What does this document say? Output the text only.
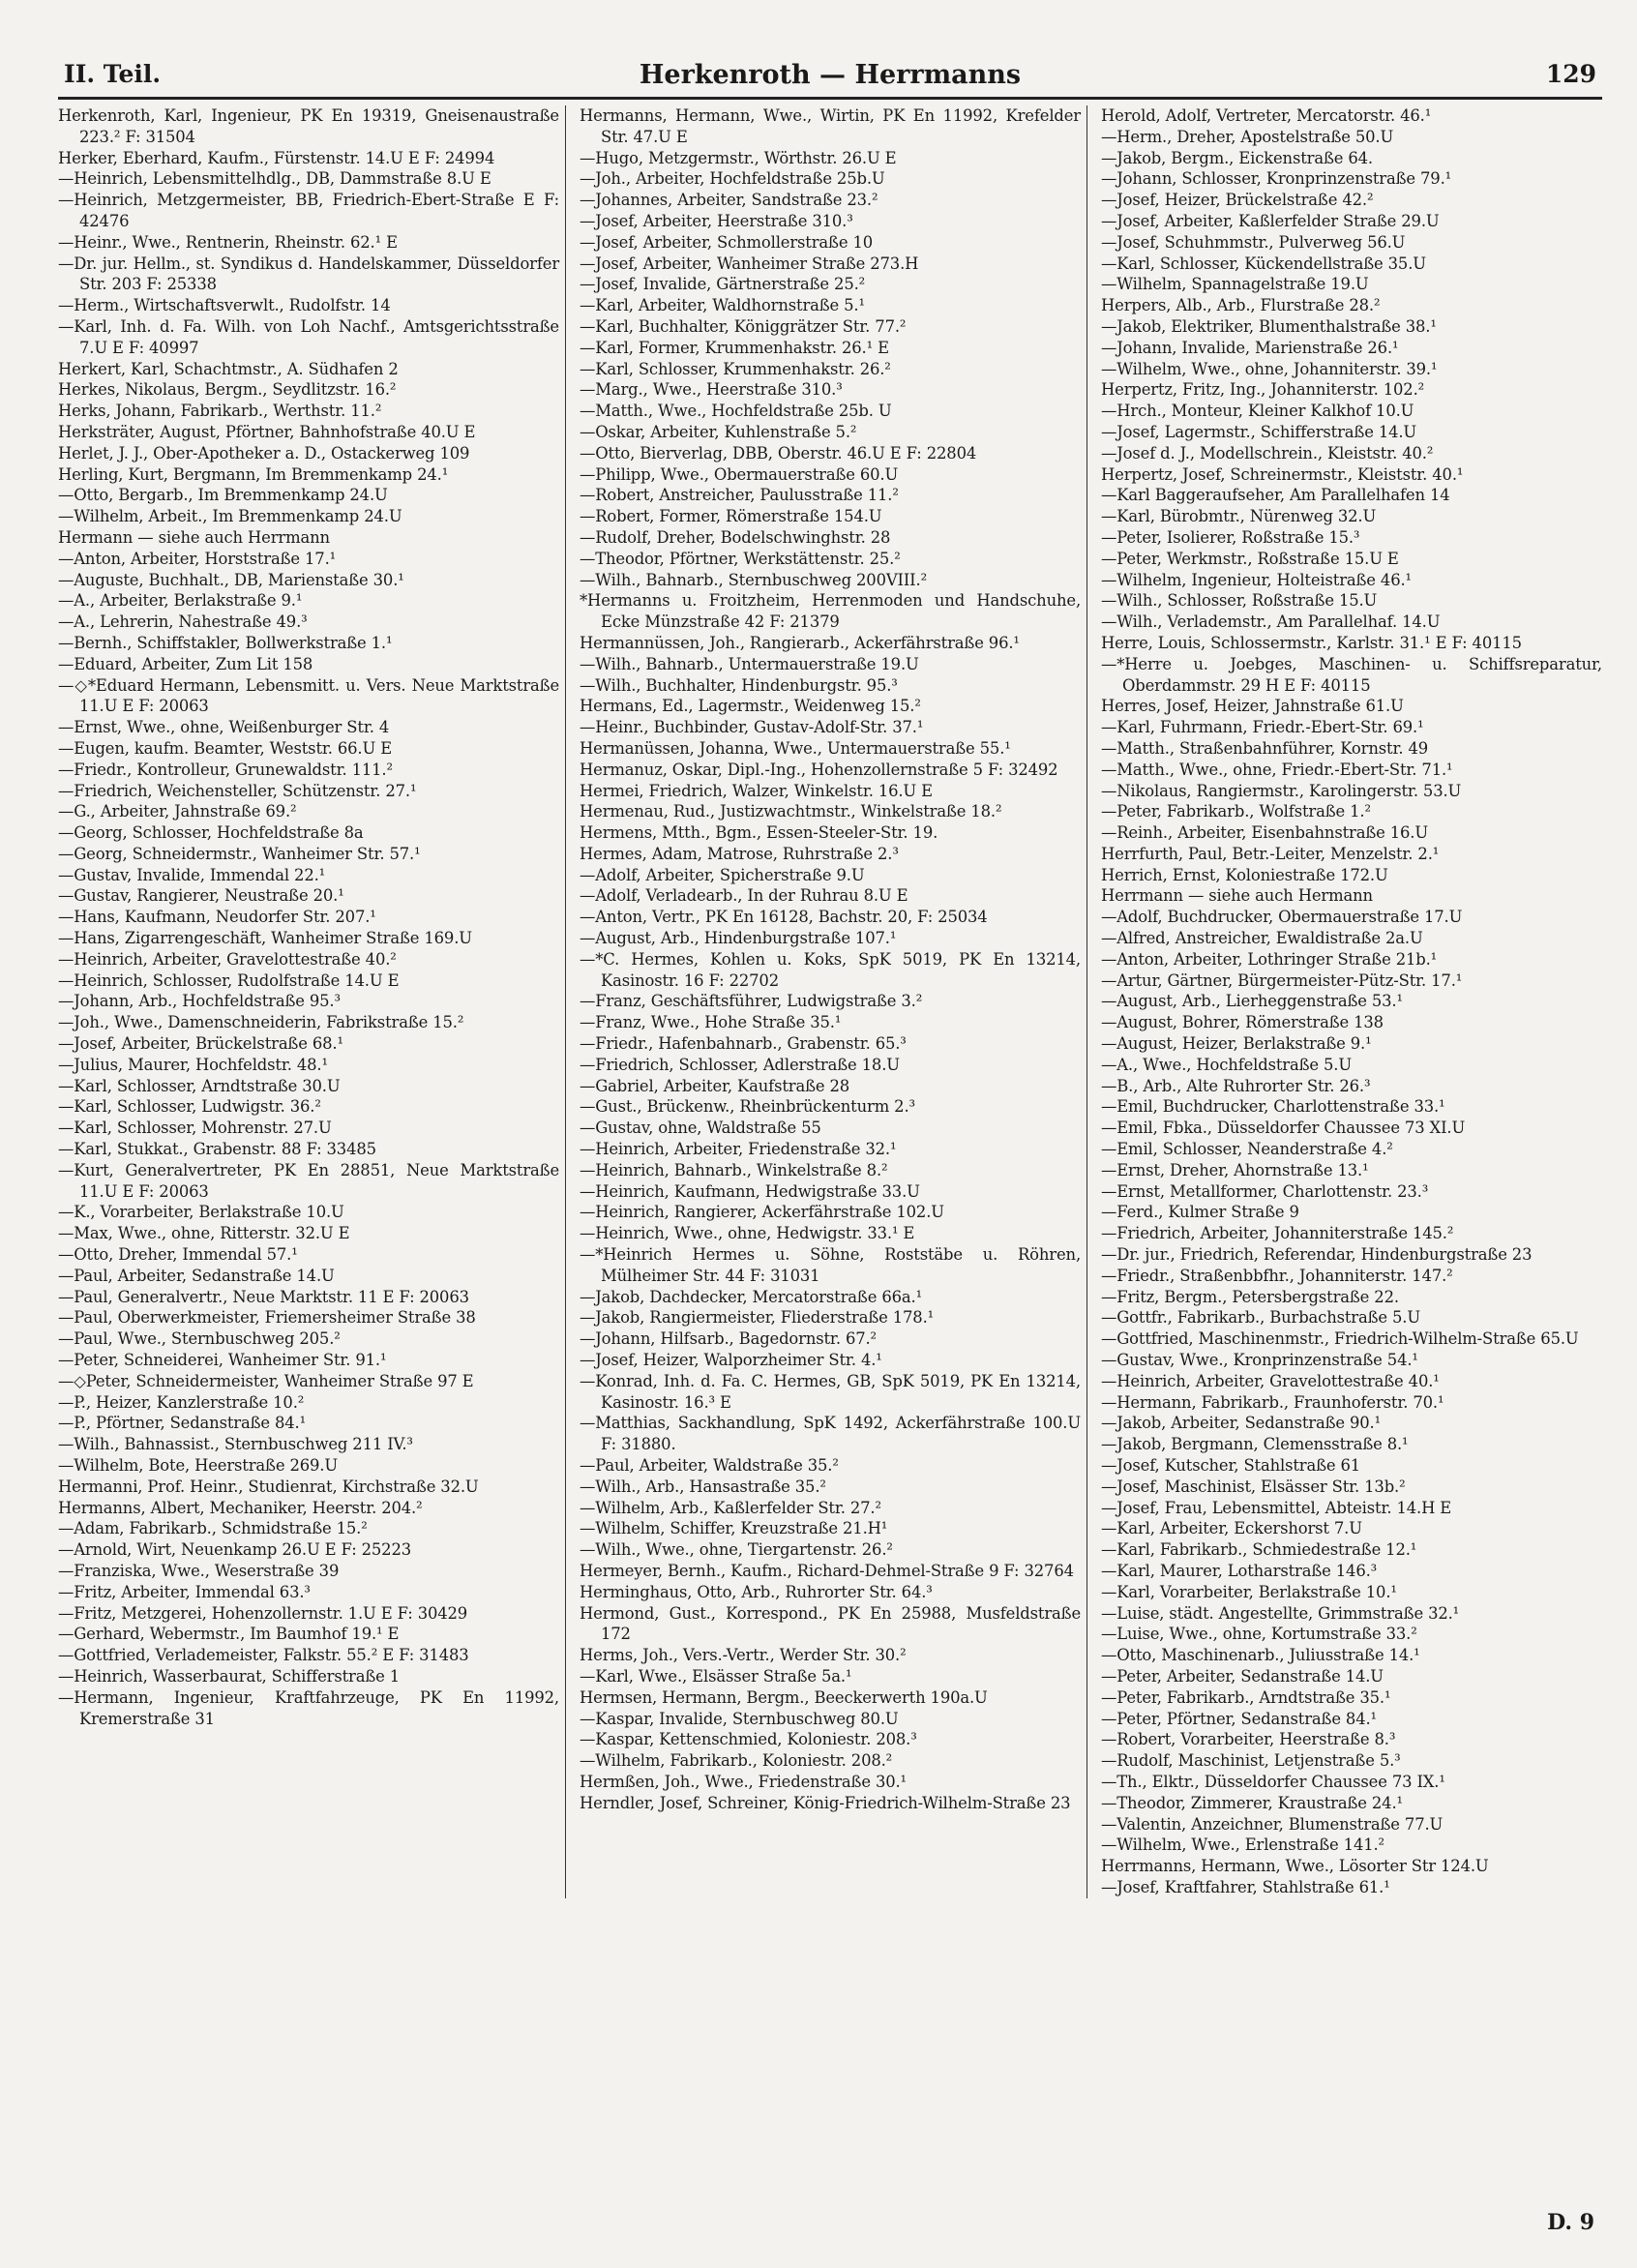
II. Teil.	Herkenroth — Herrmanns	129
Herkenroth, Karl, Ingenieur, PK En 19319, Gneisenaustraße 223.² F: 31504
Herker, Eberhard, Kaufm., Fürstenstr. 14.U E F: 24994
—Heinrich, Lebensmittelhdlg., DB, Dammstraße 8.U E
—Heinrich, Metzgermeister, BB, Friedrich-Ebert-Straße E F: 42476
—Heinr., Wwe., Rentnerin, Rheinstr. 62.¹ E
—Dr. jur. Hellm., st. Syndikus d. Handelskammer, Düsseldorfer Str. 203 F: 25338
—Herm., Wirtschaftsverwlt., Rudolfstr. 14
—Karl, Inh. d. Fa. Wilh. von Loh Nachf., Amtsgerichtsstraße 7.U E F: 40997
Herkert, Karl, Schachtmstr., A. Südhafen 2
Herkes, Nikolaus, Bergm., Seydlitzstr. 16.²
Herks, Johann, Fabrikarb., Werthstr. 11.²
Herksträter, August, Pförtner, Bahnhofstraße 40.U E
Herlet, J. J., Ober-Apotheker a. D., Ostackerweg 109
Herling, Kurt, Bergmann, Im Bremmenkamp 24.¹
—Otto, Bergarb., Im Bremmenkamp 24.U
—Wilhelm, Arbeit., Im Bremmenkamp 24.U
Hermann — siehe auch Herrmann
—Anton, Arbeiter, Horststraße 17.¹
—Auguste, Buchhalt., DB, Marienstaße 30.¹
—A., Arbeiter, Berlakstraße 9.¹
—A., Lehrerin, Nahestraße 49.³
—Bernh., Schiffstakler, Bollwerkstraße 1.¹
—Eduard, Arbeiter, Zum Lit 158
—◇*Eduard Hermann, Lebensmitt. u. Vers. Neue Marktstraße 11.U E F: 20063
—Ernst, Wwe., ohne, Weißenburger Str. 4
—Eugen, kaufm. Beamter, Weststr. 66.U E
—Friedr., Kontrolleur, Grunewaldstr. 111.²
—Friedrich, Weichensteller, Schützenstr. 27.¹
—G., Arbeiter, Jahnstraße 69.²
—Georg, Schlosser, Hochfeldstraße 8a
—Georg, Schneidermstr., Wanheimer Str. 57.¹
—Gustav, Invalide, Immendal 22.¹
—Gustav, Rangierer, Neustraße 20.¹
—Hans, Kaufmann, Neudorfer Str. 207.¹
—Hans, Zigarrengeschäft, Wanheimer Straße 169.U
—Heinrich, Arbeiter, Gravelottestraße 40.²
—Heinrich, Schlosser, Rudolfstraße 14.U E
—Johann, Arb., Hochfeldstraße 95.³
—Joh., Wwe., Damenschneiderin, Fabrikstraße 15.²
—Josef, Arbeiter, Brückelstraße 68.¹
—Julius, Maurer, Hochfeldstr. 48.¹
—Karl, Schlosser, Arndtstraße 30.U
—Karl, Schlosser, Ludwigstr. 36.²
—Karl, Schlosser, Mohrenstr. 27.U
—Karl, Stukkat., Grabenstr. 88 F: 33485
—Kurt, Generalvertreter, PK En 28851, Neue Marktstraße 11.U E F: 20063
—K., Vorarbeiter, Berlakstraße 10.U
—Max, Wwe., ohne, Ritterstr. 32.U E
—Otto, Dreher, Immendal 57.¹
—Paul, Arbeiter, Sedanstraße 14.U
—Paul, Generalvertr., Neue Marktstr. 11 E F: 20063
—Paul, Oberwerkmeister, Friemersheimer Straße 38
—Paul, Wwe., Sternbuschweg 205.²
—Peter, Schneiderei, Wanheimer Str. 91.¹
—◇Peter, Schneidermeister, Wanheimer Straße 97 E
—P., Heizer, Kanzlerstraße 10.²
—P., Pförtner, Sedanstraße 84.¹
—Wilh., Bahnassist., Sternbuschweg 211 IV.³
—Wilhelm, Bote, Heerstraße 269.U
Hermanni, Prof. Heinr., Studienrat, Kirchstraße 32.U
Hermanns, Albert, Mechaniker, Heerstr. 204.²
—Adam, Fabrikarb., Schmidstraße 15.²
—Arnold, Wirt, Neuenkamp 26.U E F: 25223
—Franziska, Wwe., Weserstraße 39
—Fritz, Arbeiter, Immendal 63.³
—Fritz, Metzgerei, Hohenzollernstr. 1.U E F: 30429
—Gerhard, Webermstr., Im Baumhof 19.¹ E
—Gottfried, Verlademeister, Falkstr. 55.² E F: 31483
—Heinrich, Wasserbaurat, Schifferstraße 1
—Hermann, Ingenieur, Kraftfahrzeuge, PK En 11992, Kremerstraße 31
Hermanns, Hermann, Wwe., Wirtin, PK En 11992, Krefelder Str. 47.U E
—Hugo, Metzgermstr., Wörthstr. 26.U E
—Joh., Arbeiter, Hochfeldstraße 25b.U
—Johannes, Arbeiter, Sandstraße 23.²
—Josef, Arbeiter, Heerstraße 310.³
—Josef, Arbeiter, Schmollerstraße 10
—Josef, Arbeiter, Wanheimer Straße 273.H
—Josef, Invalide, Gärtnerstraße 25.²
—Karl, Arbeiter, Waldhornstraße 5.¹
—Karl, Buchhalter, Königgrätzer Str. 77.²
—Karl, Former, Krummenhakstr. 26.¹ E
—Karl, Schlosser, Krummenhakstr. 26.²
—Marg., Wwe., Heerstraße 310.³
—Matth., Wwe., Hochfeldstraße 25b. U
—Oskar, Arbeiter, Kuhlenstraße 5.²
—Otto, Bierverlag, DBB, Oberstr. 46.U E F: 22804
—Philipp, Wwe., Obermauerstraße 60.U
—Robert, Anstreicher, Paulusstraße 11.²
—Robert, Former, Römerstraße 154.U
—Rudolf, Dreher, Bodelschwinghstr. 28
—Theodor, Pförtner, Werkstättenstr. 25.²
—Wilh., Bahnarb., Sternbuschweg 200VIII.²
*Hermanns u. Froitzheim, Herrenmoden und Handschuhe, Ecke Münzstraße 42 F: 21379
Hermannüssen, Joh., Rangierarb., Ackerfährstraße 96.¹
—Wilh., Bahnarb., Untermauerstraße 19.U
—Wilh., Buchhalter, Hindenburgstr. 95.³
Hermans, Ed., Lagermstr., Weidenweg 15.²
—Heinr., Buchbinder, Gustav-Adolf-Str. 37.¹
Hermanüssen, Johanna, Wwe., Untermauerstraße 55.¹
Hermanuz, Oskar, Dipl.-Ing., Hohenzollernstraße 5 F: 32492
Hermei, Friedrich, Walzer, Winkelstr. 16.U E
Hermenau, Rud., Justizwachtmstr., Winkelstraße 18.²
Hermens, Mtth., Bgm., Essen-Steeler-Str. 19.
Hermes, Adam, Matrose, Ruhrstraße 2.³
—Adolf, Arbeiter, Spicherstraße 9.U
—Adolf, Verladearb., In der Ruhrau 8.U E
—Anton, Vertr., PK En 16128, Bachstr. 20, F: 25034
—August, Arb., Hindenburgstraße 107.¹
—*C. Hermes, Kohlen u. Koks, SpK 5019, PK En 13214, Kasinostr. 16 F: 22702
—Franz, Geschäftsführer, Ludwigstraße 3.²
—Franz, Wwe., Hohe Straße 35.¹
—Friedr., Hafenbahnarb., Grabenstr. 65.³
—Friedrich, Schlosser, Adlerstraße 18.U
—Gabriel, Arbeiter, Kaufstraße 28
—Gust., Brückenw., Rheinbrückenturm 2.³
—Gustav, ohne, Waldstraße 55
—Heinrich, Arbeiter, Friedenstraße 32.¹
—Heinrich, Bahnarb., Winkelstraße 8.²
—Heinrich, Kaufmann, Hedwigstraße 33.U
—Heinrich, Rangierer, Ackerfährstraße 102.U
—Heinrich, Wwe., ohne, Hedwigstr. 33.¹ E
—*Heinrich Hermes u. Söhne, Roststäbe u. Röhren, Mülheimer Str. 44 F: 31031
—Jakob, Dachdecker, Mercatorstraße 66a.¹
—Jakob, Rangiermeister, Fliederstraße 178.¹
—Johann, Hilfsarb., Bagedornstr. 67.²
—Josef, Heizer, Walporzheimer Str. 4.¹
—Konrad, Inh. d. Fa. C. Hermes, GB, SpK 5019, PK En 13214, Kasinostr. 16.³ E
—Matthias, Sackhandlung, SpK 1492, Ackerfährstraße 100.U F: 31880.
—Paul, Arbeiter, Waldstraße 35.²
—Wilh., Arb., Hansastraße 35.²
—Wilhelm, Arb., Kaßlerfelder Str. 27.²
—Wilhelm, Schiffer, Kreuzstraße 21.H¹
—Wilh., Wwe., ohne, Tiergartenstr. 26.²
Hermeyer, Bernh., Kaufm., Richard-Dehmel-Straße 9 F: 32764
Herminghaus, Otto, Arb., Ruhrorter Str. 64.³
Hermond, Gust., Korrespond., PK En 25988, Musfeldstraße 172
Herms, Joh., Vers.-Vertr., Werder Str. 30.²
—Karl, Wwe., Elsässer Straße 5a.¹
Hermsen, Hermann, Bergm., Beeckerwerth 190a.U
—Kaspar, Invalide, Sternbuschweg 80.U
—Kaspar, Kettenschmied, Koloniestr. 208.³
—Wilhelm, Fabrikarb., Koloniestr. 208.²
Hermßen, Joh., Wwe., Friedenstraße 30.¹
Herndler, Josef, Schreiner, König-Friedrich-Wilhelm-Straße 23
Herold, Adolf, Vertreter, Mercatorstr. 46.¹
—Herm., Dreher, Apostelstraße 50.U
—Jakob, Bergm., Eickenstraße 64.
—Johann, Schlosser, Kronprinzenstraße 79.¹
—Josef, Heizer, Brückelstraße 42.²
—Josef, Arbeiter, Kaßlerfelder Straße 29.U
—Josef, Schuhmmstr., Pulverweg 56.U
—Karl, Schlosser, Kückendellstraße 35.U
—Wilhelm, Spannagelstraße 19.U
Herpers, Alb., Arb., Flurstraße 28.²
—Jakob, Elektriker, Blumenthalstraße 38.¹
—Johann, Invalide, Marienstraße 26.¹
—Wilhelm, Wwe., ohne, Johanniterstr. 39.¹
Herpertz, Fritz, Ing., Johanniterstr. 102.²
—Hrch., Monteur, Kleiner Kalkhof 10.U
—Josef, Lagermstr., Schifferstraße 14.U
—Josef d. J., Modellschrein., Kleiststr. 40.²
Herpertz, Josef, Schreinermstr., Kleiststr. 40.¹
—Karl Baggeraufseher, Am Parallelhafen 14
—Karl, Bürobmtr., Nürenweg 32.U
—Peter, Isolierer, Roßstraße 15.³
—Peter, Werkmstr., Roßstraße 15.U E
—Wilhelm, Ingenieur, Holteistraße 46.¹
—Wilh., Schlosser, Roßstraße 15.U
—Wilh., Verlademstr., Am Parallelhaf. 14.U
Herre, Louis, Schlossermstr., Karlstr. 31.¹ E F: 40115
—*Herre u. Joebges, Maschinen- u. Schiffsreparatur, Oberdammstr. 29 H E F: 40115
Herres, Josef, Heizer, Jahnstraße 61.U
—Karl, Fuhrmann, Friedr.-Ebert-Str. 69.¹
—Matth., Straßenbahnführer, Kornstr. 49
—Matth., Wwe., ohne, Friedr.-Ebert-Str. 71.¹
—Nikolaus, Rangiermstr., Karolingerstr. 53.U
—Peter, Fabrikarb., Wolfstraße 1.²
—Reinh., Arbeiter, Eisenbahnstraße 16.U
Herrfurth, Paul, Betr.-Leiter, Menzelstr. 2.¹
Herrich, Ernst, Koloniestraße 172.U
Herrmann — siehe auch Hermann
—Adolf, Buchdrucker, Obermauerstraße 17.U
—Alfred, Anstreicher, Ewaldistraße 2a.U
—Anton, Arbeiter, Lothringer Straße 21b.¹
—Artur, Gärtner, Bürgermeister-Pütz-Str. 17.¹
—August, Arb., Lierheggenstraße 53.¹
—August, Bohrer, Römerstraße 138
—August, Heizer, Berlakstraße 9.¹
—A., Wwe., Hochfeldstraße 5.U
—B., Arb., Alte Ruhrorter Str. 26.³
—Emil, Buchdrucker, Charlottenstraße 33.¹
—Emil, Fbka., Düsseldorfer Chaussee 73 XI.U
—Emil, Schlosser, Neanderstraße 4.²
—Ernst, Dreher, Ahornstraße 13.¹
—Ernst, Metallformer, Charlottenstr. 23.³
—Ferd., Kulmer Straße 9
—Friedrich, Arbeiter, Johanniterstraße 145.²
—Dr. jur., Friedrich, Referendar, Hindenburgstraße 23
—Friedr., Straßenbbfhr., Johanniterstr. 147.²
—Fritz, Bergm., Petersbergstraße 22.
—Gottfr., Fabrikarb., Burbachstraße 5.U
—Gottfried, Maschinenmstr., Friedrich-Wilhelm-Straße 65.U
—Gustav, Wwe., Kronprinzenstraße 54.¹
—Heinrich, Arbeiter, Gravelottestraße 40.¹
—Hermann, Fabrikarb., Fraunhoferstr. 70.¹
—Jakob, Arbeiter, Sedanstraße 90.¹
—Jakob, Bergmann, Clemensstraße 8.¹
—Josef, Kutscher, Stahlstraße 61
—Josef, Maschinist, Elsässer Str. 13b.²
—Josef, Frau, Lebensmittel, Abteistr. 14.H E
—Karl, Arbeiter, Eckershorst 7.U
—Karl, Fabrikarb., Schmiedestraße 12.¹
—Karl, Maurer, Lotharstraße 146.³
—Karl, Vorarbeiter, Berlakstraße 10.¹
—Luise, städt. Angestellte, Grimmstraße 32.¹
—Luise, Wwe., ohne, Kortumstraße 33.²
—Otto, Maschinenarb., Juliusstraße 14.¹
—Peter, Arbeiter, Sedanstraße 14.U
—Peter, Fabrikarb., Arndtstraße 35.¹
—Peter, Pförtner, Sedanstraße 84.¹
—Robert, Vorarbeiter, Heerstraße 8.³
—Rudolf, Maschinist, Letjenstraße 5.³
—Th., Elktr., Düsseldorfer Chaussee 73 IX.¹
—Theodor, Zimmerer, Kraustraße 24.¹
—Valentin, Anzeichner, Blumenstraße 77.U
—Wilhelm, Wwe., Erlenstraße 141.²
Herrmanns, Hermann, Wwe., Lösorter Str 124.U
—Josef, Kraftfahrer, Stahlstraße 61.¹
D. 9
